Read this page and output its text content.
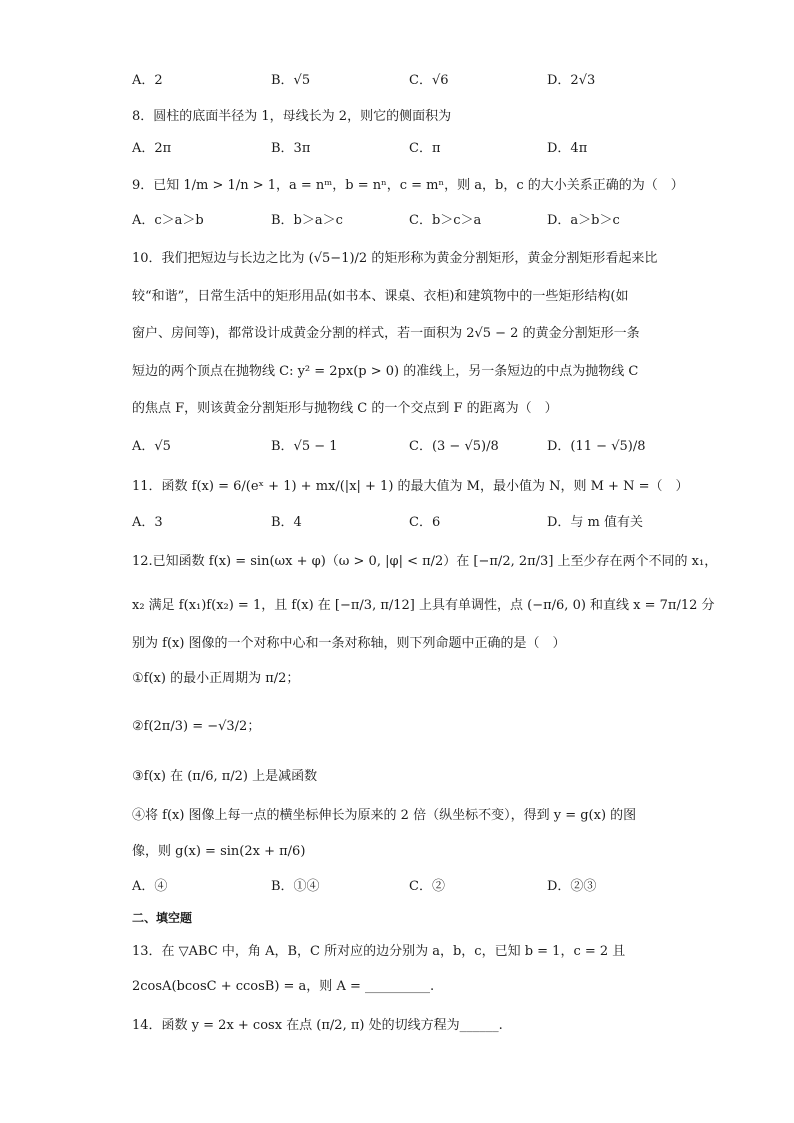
A．2	B．√5	C．√6	D．2√3
8．圆柱的底面半径为 1，母线长为 2，则它的侧面积为
A．2π	B．3π	C．π	D．4π
9．已知 1/m > 1/n > 1，a = nᵐ，b = nⁿ，c = mⁿ，则 a，b，c 的大小关系正确的为（　）
A．c＞a＞b	B．b＞a＞c	C．b＞c＞a	D．a＞b＞c
10．我们把短边与长边之比为 (√5−1)/2 的矩形称为黄金分割矩形，黄金分割矩形看起来比
较“和谐”，日常生活中的矩形用品(如书本、课桌、衣柜)和建筑物中的一些矩形结构(如
窗户、房间等)，都常设计成黄金分割的样式，若一面积为 2√5 − 2 的黄金分割矩形一条
短边的两个顶点在抛物线 C: y² = 2px(p > 0) 的准线上，另一条短边的中点为抛物线 C
的焦点 F，则该黄金分割矩形与抛物线 C 的一个交点到 F 的距离为（　）
A．√5	B．√5 − 1	C．(3 − √5)/8	D．(11 − √5)/8
11．函数 f(x) = 6/(eˣ + 1) + mx/(|x| + 1) 的最大值为 M，最小值为 N，则 M + N =（　）
A．3	B．4	C．6	D．与 m 值有关
12.已知函数 f(x) = sin(ωx + φ)（ω > 0, |φ| < π/2）在 [−π/2, 2π/3] 上至少存在两个不同的 x₁，
x₂ 满足 f(x₁)f(x₂) = 1，且 f(x) 在 [−π/3, π/12] 上具有单调性，点 (−π/6, 0) 和直线 x = 7π/12 分
别为 f(x) 图像的一个对称中心和一条对称轴，则下列命题中正确的是（　）
①f(x) 的最小正周期为 π/2；
②f(2π/3) = −√3/2；
③f(x) 在 (π/6, π/2) 上是减函数
④将 f(x) 图像上每一点的横坐标伸长为原来的 2 倍（纵坐标不变），得到 y = g(x) 的图
像，则 g(x) = sin(2x + π/6)
A．④	B．①④	C．②	D．②③
二、填空题
13．在 ▽ABC 中，角 A，B，C 所对应的边分别为 a，b，c，已知 b = 1，c = 2 且
2cosA(bcosC + ccosB) = a，则 A = __________.
14．函数 y = 2x + cosx 在点 (π/2, π) 处的切线方程为______.
